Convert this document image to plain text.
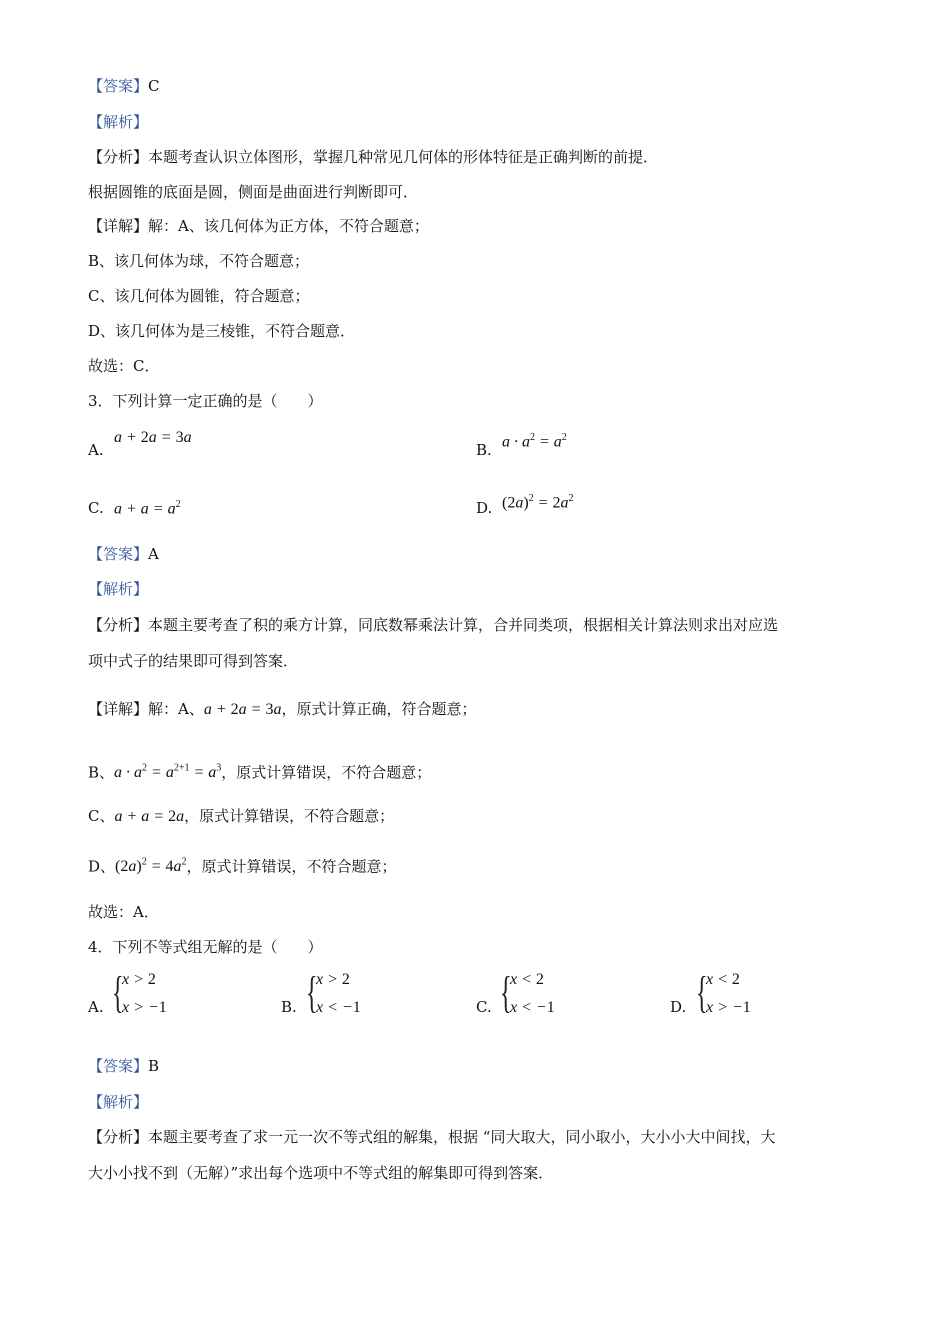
【答案】C
【解析】
【分析】本题考查认识立体图形，掌握几种常见几何体的形体特征是正确判断的前提．
根据圆锥的底面是圆，侧面是曲面进行判断即可．
【详解】解：A、该几何体为正方体，不符合题意；
B、该几何体为球，不符合题意；
C、该几何体为圆锥，符合题意；
D、该几何体为是三棱锥，不符合题意．
故选：C．
3．下列计算一定正确的是（　　）
A.
a + 2a = 3a
B. $a \cdot a^2 = a^2$
C. $a + a = a^2$	D. $(2a)^2 = 2a^2$
【答案】A
【解析】
【分析】本题主要考查了积的乘方计算，同底数幂乘法计算，合并同类项，根据相关计算法则求出对应选
项中式子的结果即可得到答案．
【详解】解：A、a + 2a = 3a，原式计算正确，符合题意；
B、$a \cdot a^2 = a^{2+1} = a^3$，原式计算错误，不符合题意；
C、a + a = 2a，原式计算错误，不符合题意；
D、$(2a)^2 = 4a^2$，原式计算错误，不符合题意；
故选：A．
4．下列不等式组无解的是（　　）
A. {
x > 2
x > −1	B. {
x > 2
x < −1	C. {
x < 2
x < −1	D. {
x < 2
x > −1
【答案】B
【解析】
【分析】本题主要考查了求一元一次不等式组的解集，根据 “同大取大，同小取小，大小小大中间找，大
大小小找不到（无解）”求出每个选项中不等式组的解集即可得到答案．
